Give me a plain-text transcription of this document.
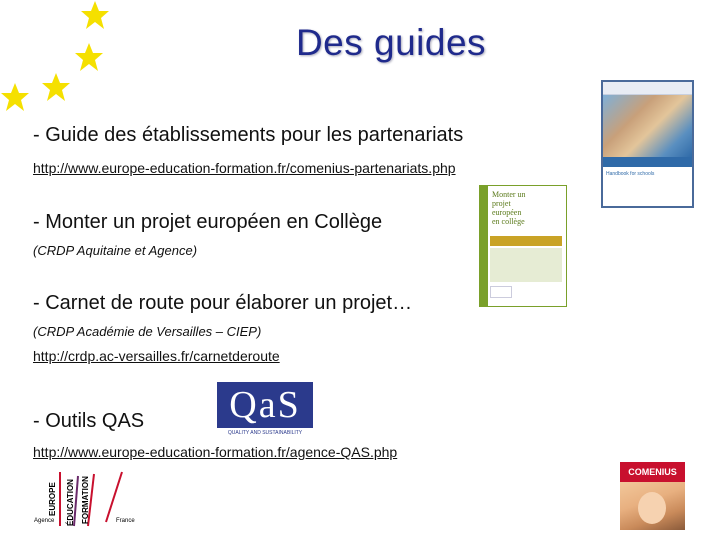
Des guides
- Guide des établissements pour les partenariats
http://www.europe-education-formation.fr/comenius-partenariats.php
- Monter un projet européen en Collège
(CRDP Aquitaine et Agence)
- Carnet de route pour élaborer un projet…
(CRDP Académie de Versailles – CIEP)
http://crdp.ac-versailles.fr/carnetderoute
- Outils QAS
http://www.europe-education-formation.fr/agence-QAS.php
Handbook for schools
Monter un
projet
européen
en collège
QaS
QUALITY AND SUSTAINABILITY
Agence	France
EUROPE ÉDUCATION FORMATION
COMENIUS
